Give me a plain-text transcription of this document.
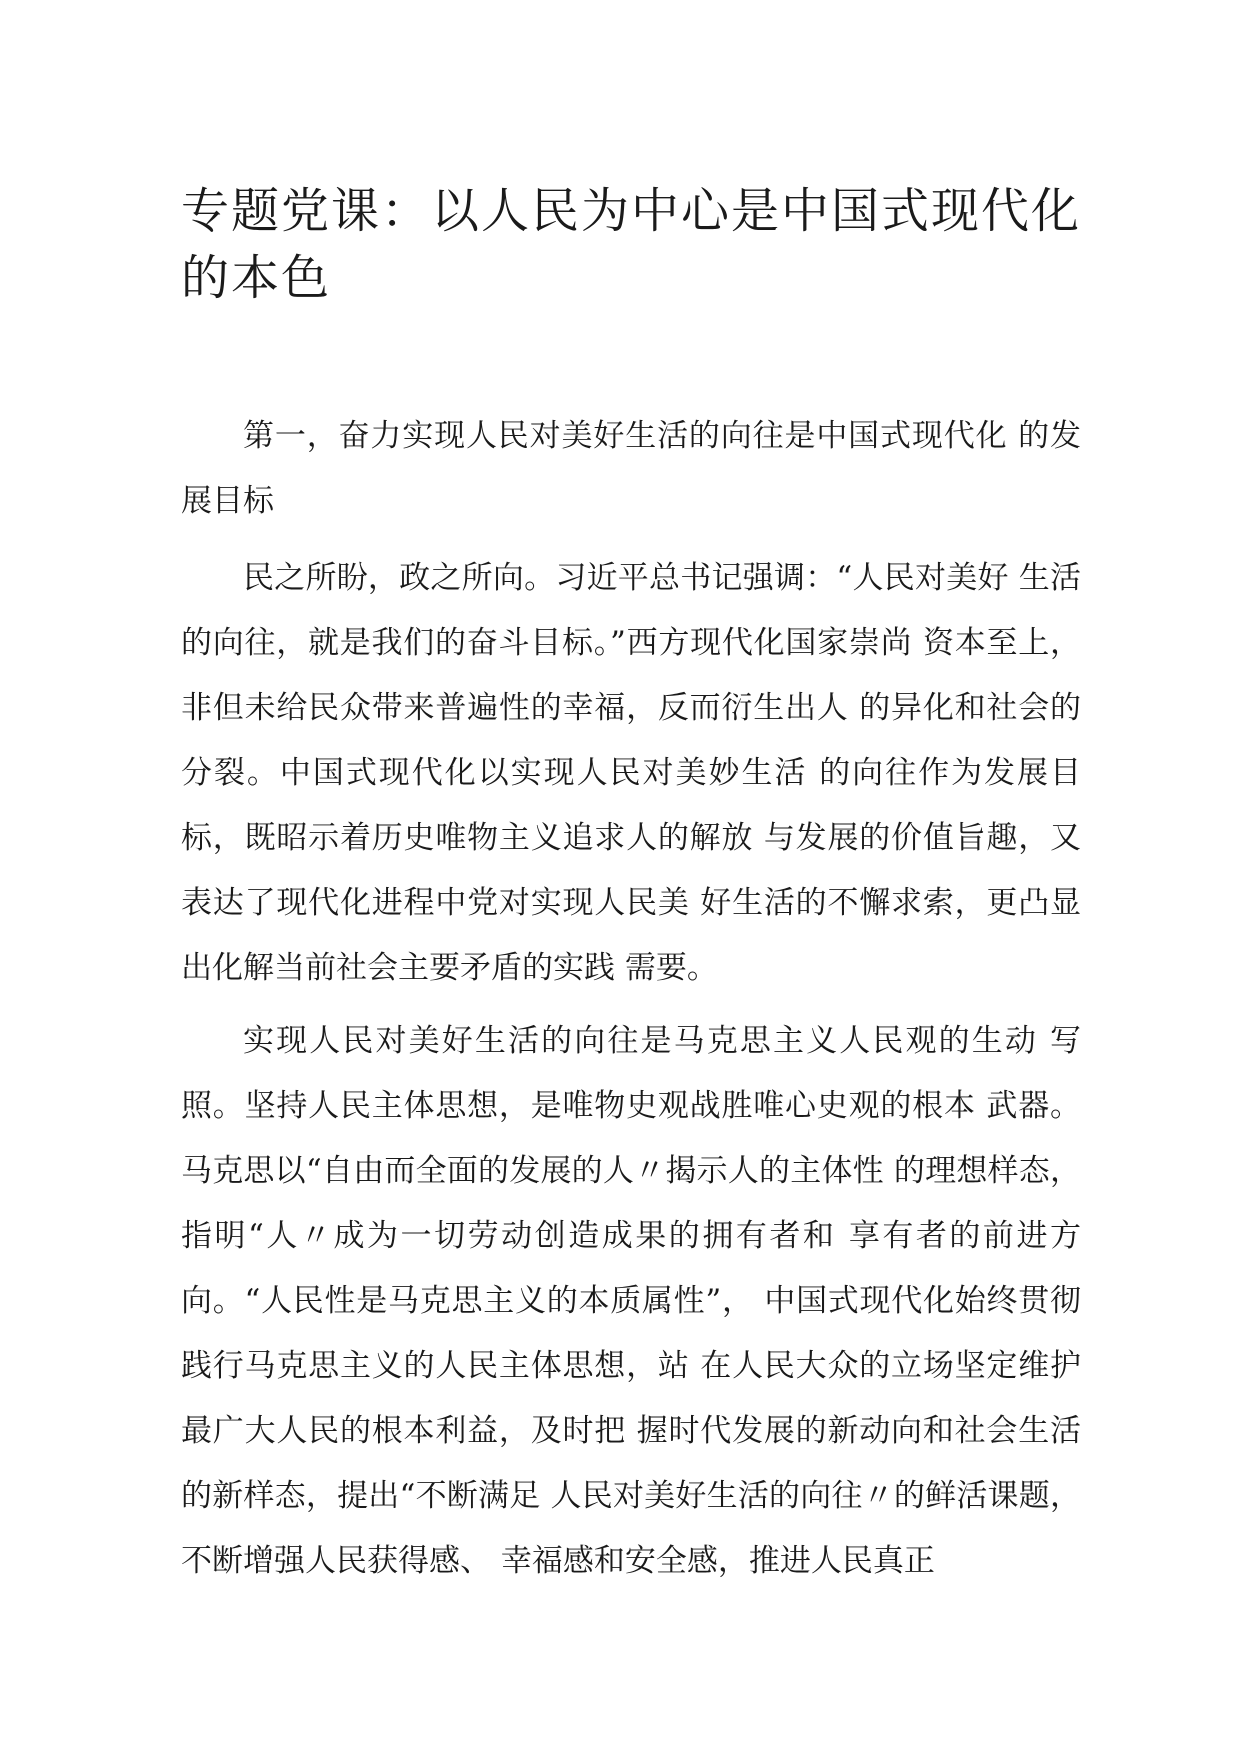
专题党课：以人民为中心是中国式现代化的本色

第一，奋力实现人民对美好生活的向往是中国式现代化 的发展目标

民之所盼，政之所向。习近平总书记强调：“人民对美好 生活的向往，就是我们的奋斗目标。”西方现代化国家崇尚 资本至上，非但未给民众带来普遍性的幸福，反而衍生出人 的异化和社会的分裂。中国式现代化以实现人民对美妙生活 的向往作为发展目标，既昭示着历史唯物主义追求人的解放 与发展的价值旨趣，又表达了现代化进程中党对实现人民美 好生活的不懈求索，更凸显出化解当前社会主要矛盾的实践 需要。

实现人民对美好生活的向往是马克思主义人民观的生动 写照。坚持人民主体思想，是唯物史观战胜唯心史观的根本 武器。马克思以“自由而全面的发展的人〃揭示人的主体性 的理想样态，指明“人〃成为一切劳动创造成果的拥有者和 享有者的前进方向。“人民性是马克思主义的本质属性”， 中国式现代化始终贯彻践行马克思主义的人民主体思想，站 在人民大众的立场坚定维护最广大人民的根本利益，及时把 握时代发展的新动向和社会生活的新样态，提出“不断满足 人民对美好生活的向往〃的鲜活课题，不断增强人民获得感、 幸福感和安全感，推进人民真正
